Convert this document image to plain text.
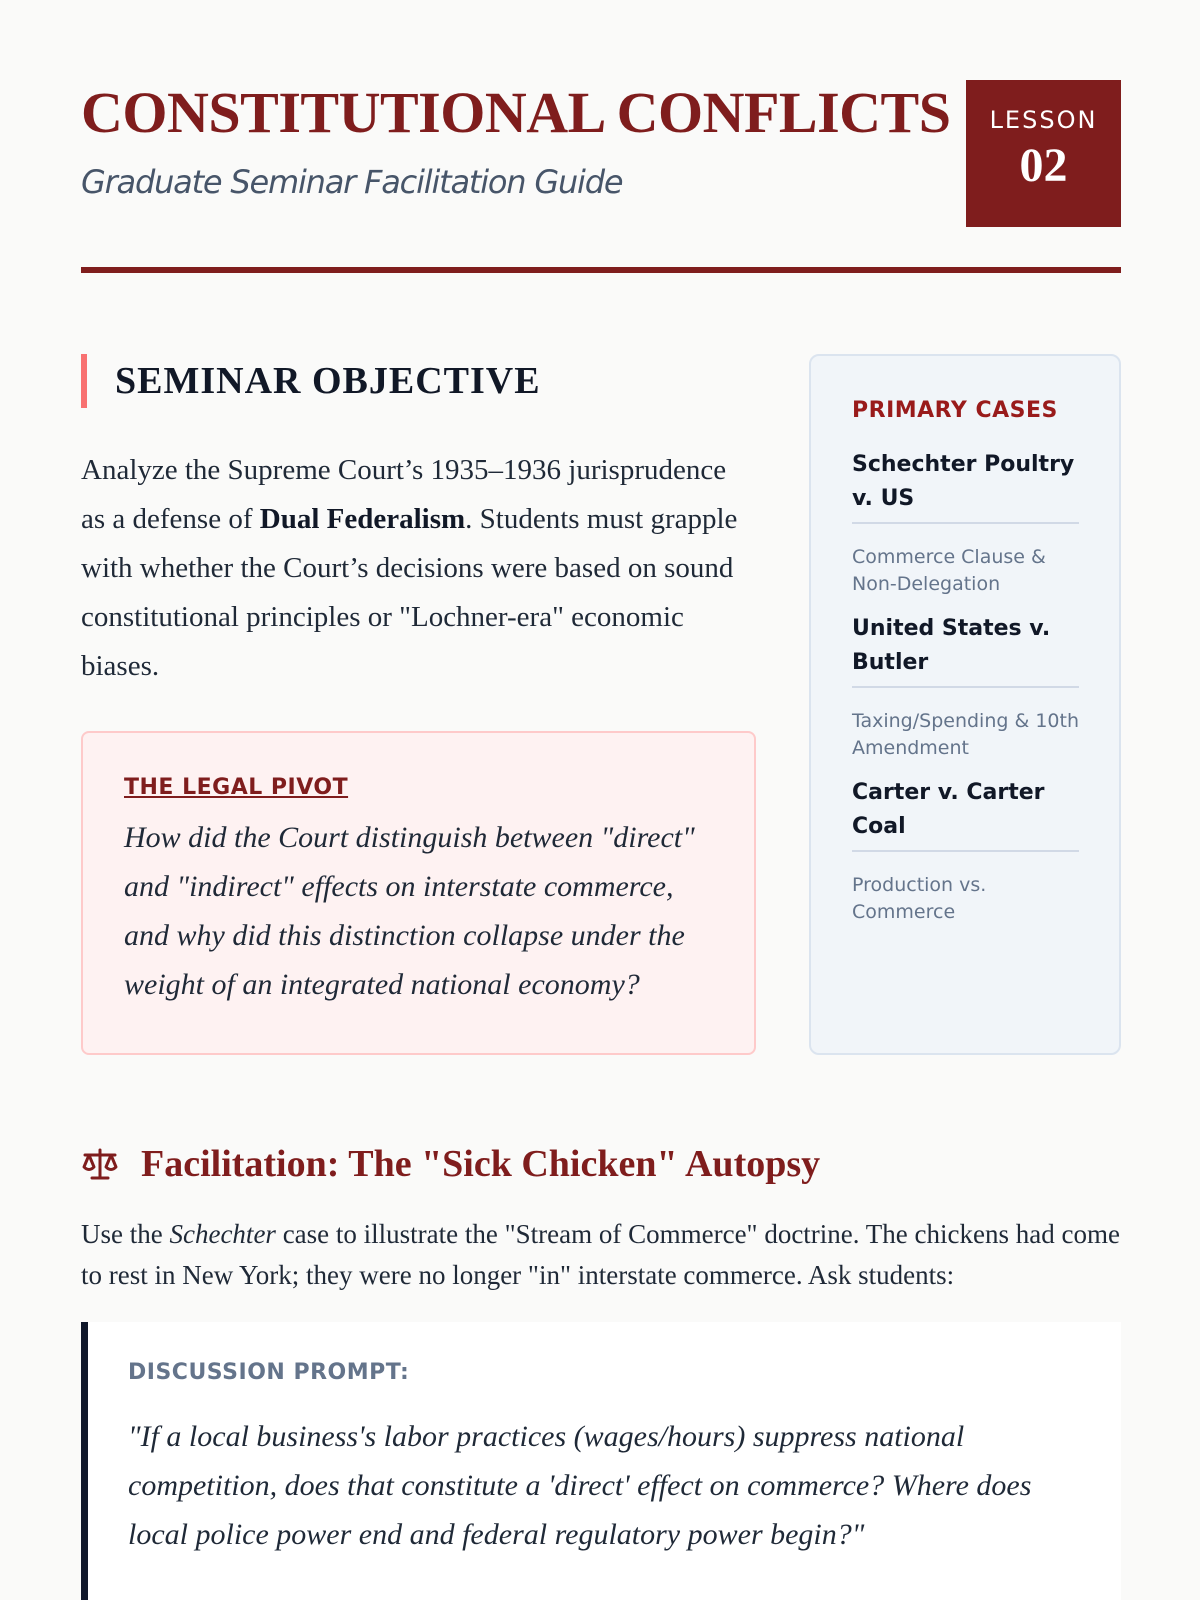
CONSTITUTIONAL CONFLICTS
Graduate Seminar Facilitation Guide
LESSON
02
SEMINAR OBJECTIVE

Analyze the Supreme Court’s 1935–1936 jurisprudence as a defense of Dual Federalism. Students must grapple with whether the Court’s decisions were based on sound constitutional principles or "Lochner-era" economic biases.

THE LEGAL PIVOT

How did the Court distinguish between "direct" and "indirect" effects on interstate commerce, and why did this distinction collapse under the weight of an integrated national economy?

PRIMARY CASES
Schechter Poultry v. US
Commerce Clause & Non-Delegation
United States v. Butler
Taxing/Spending & 10th Amendment
Carter v. Carter Coal
Production vs. Commerce
Facilitation: The "Sick Chicken" Autopsy

Use the Schechter case to illustrate the "Stream of Commerce" doctrine. The chickens had come to rest in New York; they were no longer "in" interstate commerce. Ask students:

DISCUSSION PROMPT:

"If a local business's labor practices (wages/hours) suppress national competition, does that constitute a 'direct' effect on commerce? Where does local police power end and federal regulatory power begin?"
